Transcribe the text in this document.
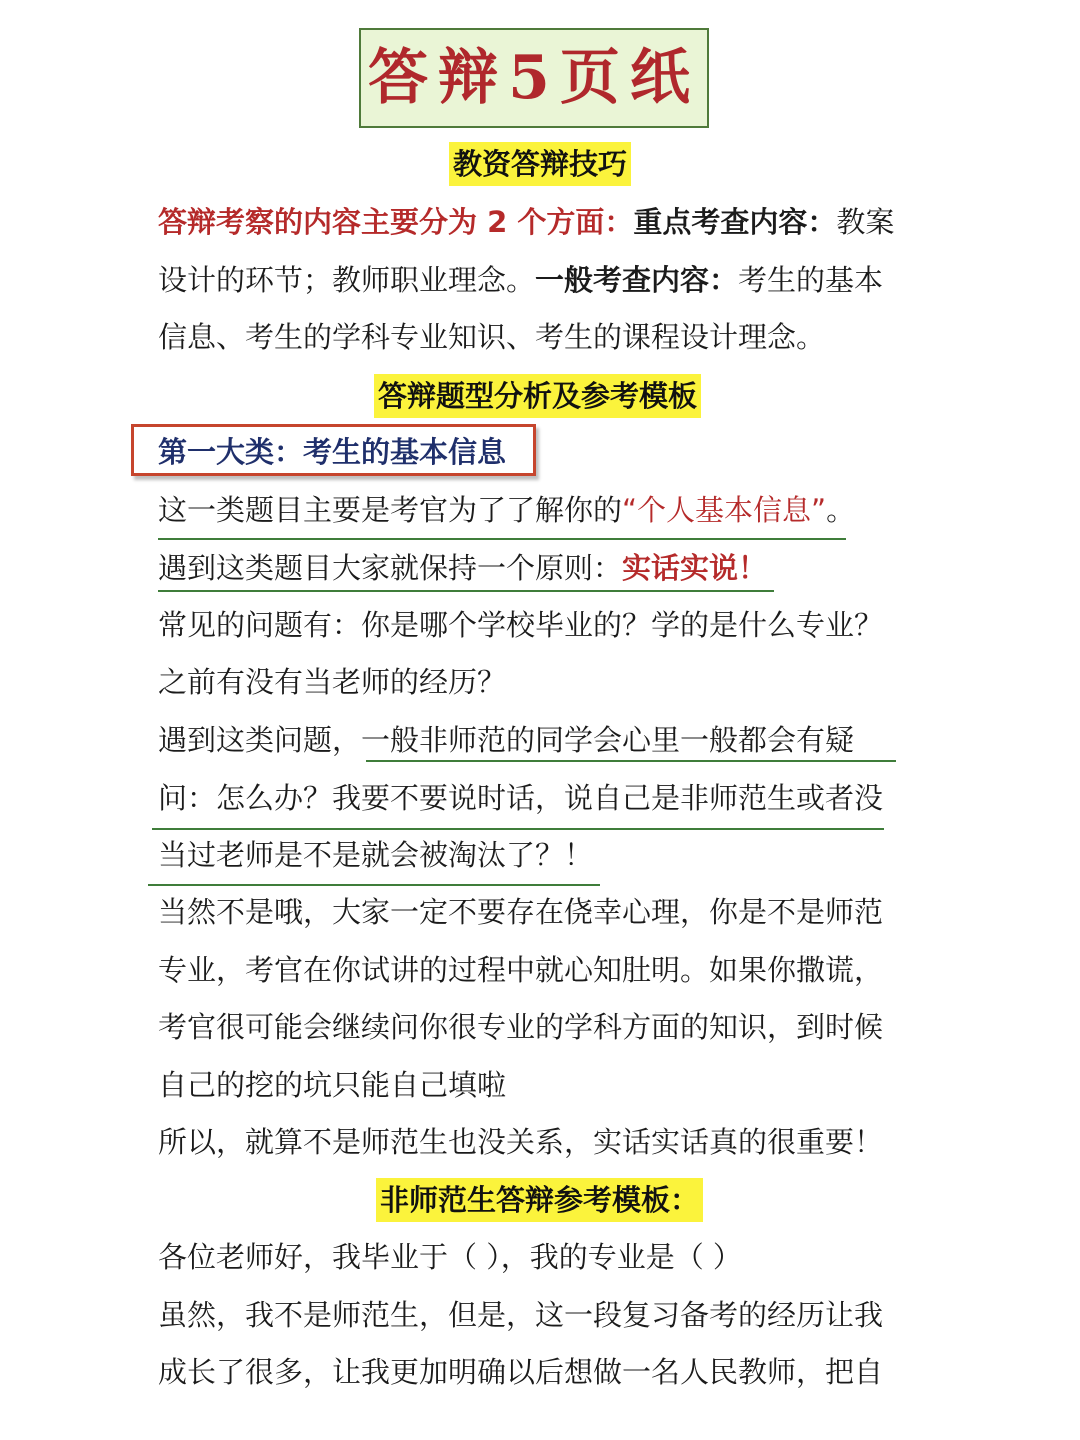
答辩5页纸
教资答辩技巧
答辩考察的内容主要分为 2 个方面：重点考查内容：教案
设计的环节；教师职业理念。一般考查内容：考生的基本
信息、考生的学科专业知识、考生的课程设计理念。
答辩题型分析及参考模板
第一大类：考生的基本信息
这一类题目主要是考官为了了解你的“个人基本信息”。
遇到这类题目大家就保持一个原则：实话实说！
常见的问题有：你是哪个学校毕业的？学的是什么专业？
之前有没有当老师的经历？
遇到这类问题，一般非师范的同学会心里一般都会有疑
问：怎么办？我要不要说时话，说自己是非师范生或者没
当过老师是不是就会被淘汰了？！
当然不是哦，大家一定不要存在侥幸心理，你是不是师范
专业，考官在你试讲的过程中就心知肚明。如果你撒谎，
考官很可能会继续问你很专业的学科方面的知识，到时候
自己的挖的坑只能自己填啦
所以，就算不是师范生也没关系，实话实话真的很重要！
非师范生答辩参考模板：
各位老师好，我毕业于（ ），我的专业是（ ）
虽然，我不是师范生，但是，这一段复习备考的经历让我
成长了很多，让我更加明确以后想做一名人民教师，把自
